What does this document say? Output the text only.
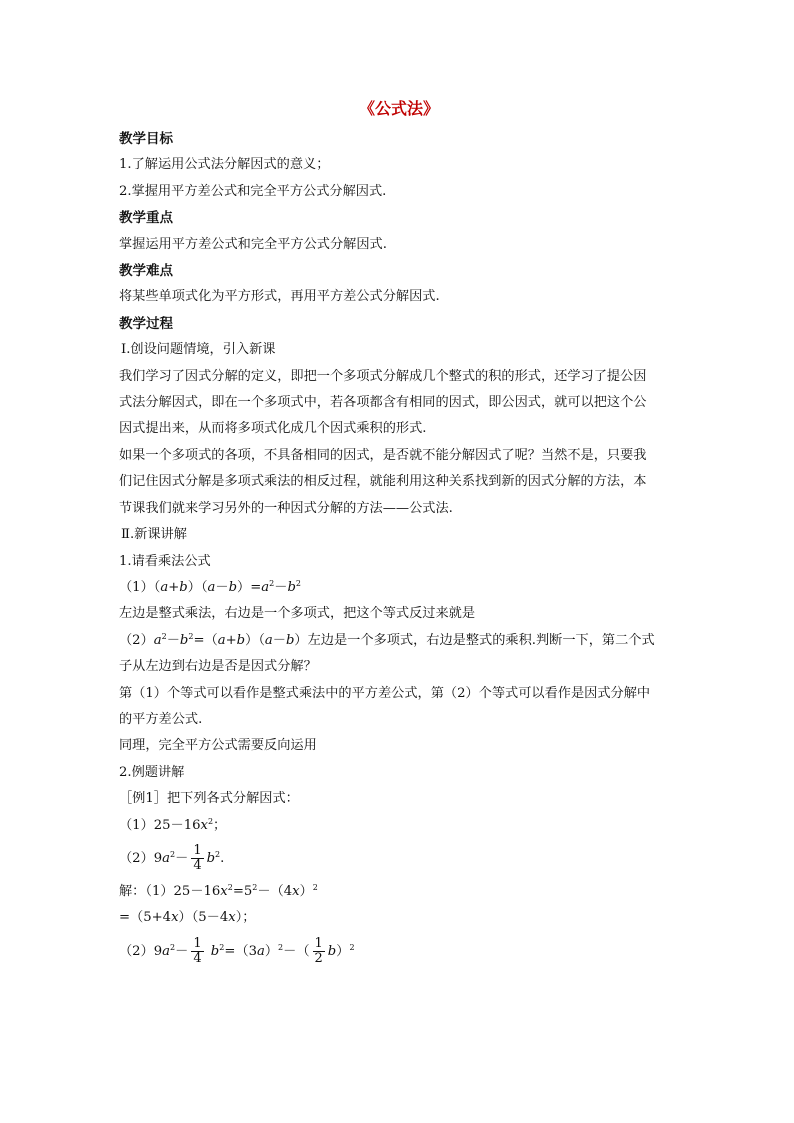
《公式法》
教学目标
1.了解运用公式法分解因式的意义；
2.掌握用平方差公式和完全平方公式分解因式.
教学重点
掌握运用平方差公式和完全平方公式分解因式.
教学难点
将某些单项式化为平方形式，再用平方差公式分解因式.
教学过程
Ⅰ.创设问题情境，引入新课
我们学习了因式分解的定义，即把一个多项式分解成几个整式的积的形式，还学习了提公因
式法分解因式，即在一个多项式中，若各项都含有相同的因式，即公因式，就可以把这个公
因式提出来，从而将多项式化成几个因式乘积的形式.
如果一个多项式的各项，不具备相同的因式，是否就不能分解因式了呢？当然不是，只要我
们记住因式分解是多项式乘法的相反过程，就能利用这种关系找到新的因式分解的方法，本
节课我们就来学习另外的一种因式分解的方法——公式法.
Ⅱ.新课讲解
1.请看乘法公式
$(1)(a+b)(a-b)=a^2-b^2$
左边是整式乘法，右边是一个多项式，把这个等式反过来就是
$(2)a^2-b^2=(a+b)(a-b)$左边是一个多项式，右边是整式的乘积.判断一下，第二个式
子从左边到右边是否是因式分解？
第（1）个等式可以看作是整式乘法中的平方差公式，第（2）个等式可以看作是因式分解中
的平方差公式.
同理，完全平方公式需要反向运用
2.例题讲解
［例1］把下列各式分解因式：
$(1)25-16x^2$；
$(2)9a^2- \frac{1}{4} b^2$.
解：$(1)25-16x^2=5^2-(4x)^2$
=（5+4x）（5－4x）；
$(2)9a^2- \frac{1}{4} b^2=(3a)^2-( \frac{1}{2} b)^2$
